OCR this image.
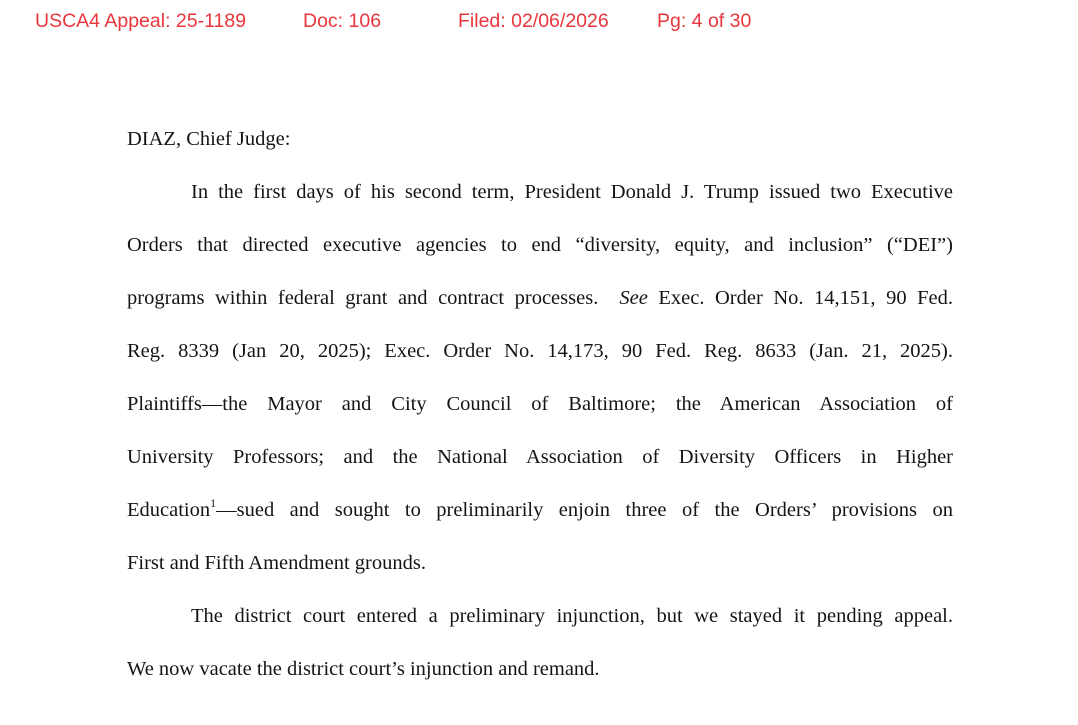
USCA4 Appeal: 25-1189	Doc: 106	Filed: 02/06/2026 Pg: 4 of 30
DIAZ, Chief Judge:
In the first days of his second term, President Donald J. Trump issued two Executive
Orders that directed executive agencies to end “diversity, equity, and inclusion” (“DEI”)
programs within federal grant and contract processes. See Exec. Order No. 14,151, 90 Fed.
Reg. 8339 (Jan 20, 2025); Exec. Order No. 14,173, 90 Fed. Reg. 8633 (Jan. 21, 2025).
Plaintiffs—the Mayor and City Council of Baltimore; the American Association of
University Professors; and the National Association of Diversity Officers in Higher
Education$^1$—sued and sought to preliminarily enjoin three of the Orders’ provisions on
First and Fifth Amendment grounds.
The district court entered a preliminary injunction, but we stayed it pending appeal.
We now vacate the district court’s injunction and remand.
